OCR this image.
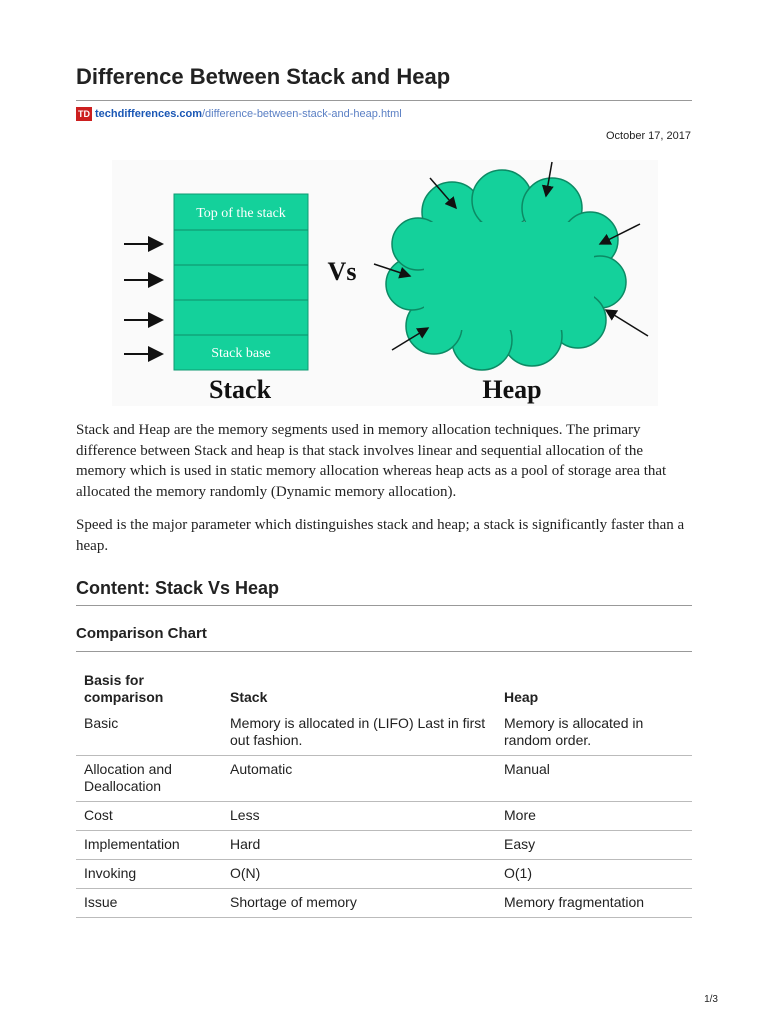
Difference Between Stack and Heap
TD techdifferences.com/difference-between-stack-and-heap.html
October 17, 2017
Top of the stack
Stack base
Stack
Vs
Heap

Stack and Heap are the memory segments used in memory allocation techniques. The primary difference between Stack and heap is that stack involves linear and sequential allocation of the memory which is used in static memory allocation whereas heap acts as a pool of storage area that allocated the memory randomly (Dynamic memory allocation).

Speed is the major parameter which distinguishes stack and heap; a stack is significantly faster than a heap.

Content: Stack Vs Heap
Comparison Chart
Basis for comparison	Stack	Heap
Basic	Memory is allocated in (LIFO) Last in first out fashion.	Memory is allocated in random order.
Allocation and Deallocation	Automatic	Manual
Cost	Less	More
Implementation	Hard	Easy
Invoking	O(N)	O(1)
Issue	Shortage of memory	Memory fragmentation
1/3
